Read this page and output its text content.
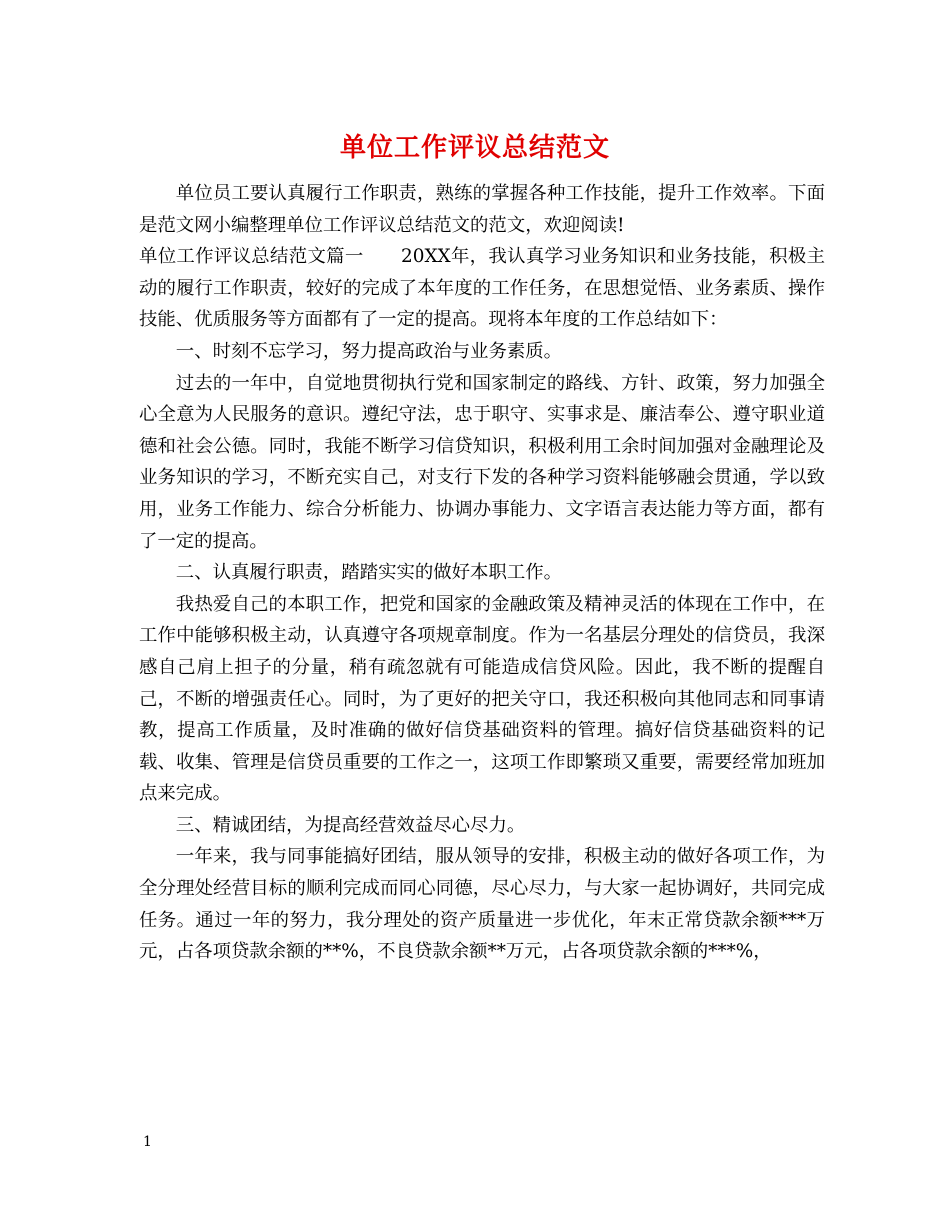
单位工作评议总结范文

单位员工要认真履行工作职责，熟练的掌握各种工作技能，提升工作效率。下面是范文网小编整理单位工作评议总结范文的范文，欢迎阅读!

单位工作评议总结范文篇一　　20XX年，我认真学习业务知识和业务技能，积极主动的履行工作职责，较好的完成了本年度的工作任务，在思想觉悟、业务素质、操作技能、优质服务等方面都有了一定的提高。现将本年度的工作总结如下：

一、时刻不忘学习，努力提高政治与业务素质。

过去的一年中，自觉地贯彻执行党和国家制定的路线、方针、政策，努力加强全心全意为人民服务的意识。遵纪守法，忠于职守、实事求是、廉洁奉公、遵守职业道德和社会公德。同时，我能不断学习信贷知识，积极利用工余时间加强对金融理论及业务知识的学习，不断充实自己，对支行下发的各种学习资料能够融会贯通，学以致用，业务工作能力、综合分析能力、协调办事能力、文字语言表达能力等方面，都有了一定的提高。

二、认真履行职责，踏踏实实的做好本职工作。

我热爱自己的本职工作，把党和国家的金融政策及精神灵活的体现在工作中，在工作中能够积极主动，认真遵守各项规章制度。作为一名基层分理处的信贷员，我深感自己肩上担子的分量，稍有疏忽就有可能造成信贷风险。因此，我不断的提醒自己，不断的增强责任心。同时，为了更好的把关守口，我还积极向其他同志和同事请教，提高工作质量，及时准确的做好信贷基础资料的管理。搞好信贷基础资料的记载、收集、管理是信贷员重要的工作之一，这项工作即繁琐又重要，需要经常加班加点来完成。

三、精诚团结，为提高经营效益尽心尽力。

一年来，我与同事能搞好团结，服从领导的安排，积极主动的做好各项工作，为全分理处经营目标的顺利完成而同心同德，尽心尽力，与大家一起协调好，共同完成任务。通过一年的努力，我分理处的资产质量进一步优化，年末正常贷款余额***万元，占各项贷款余额的**%，不良贷款余额**万元，占各项贷款余额的***%，

1
